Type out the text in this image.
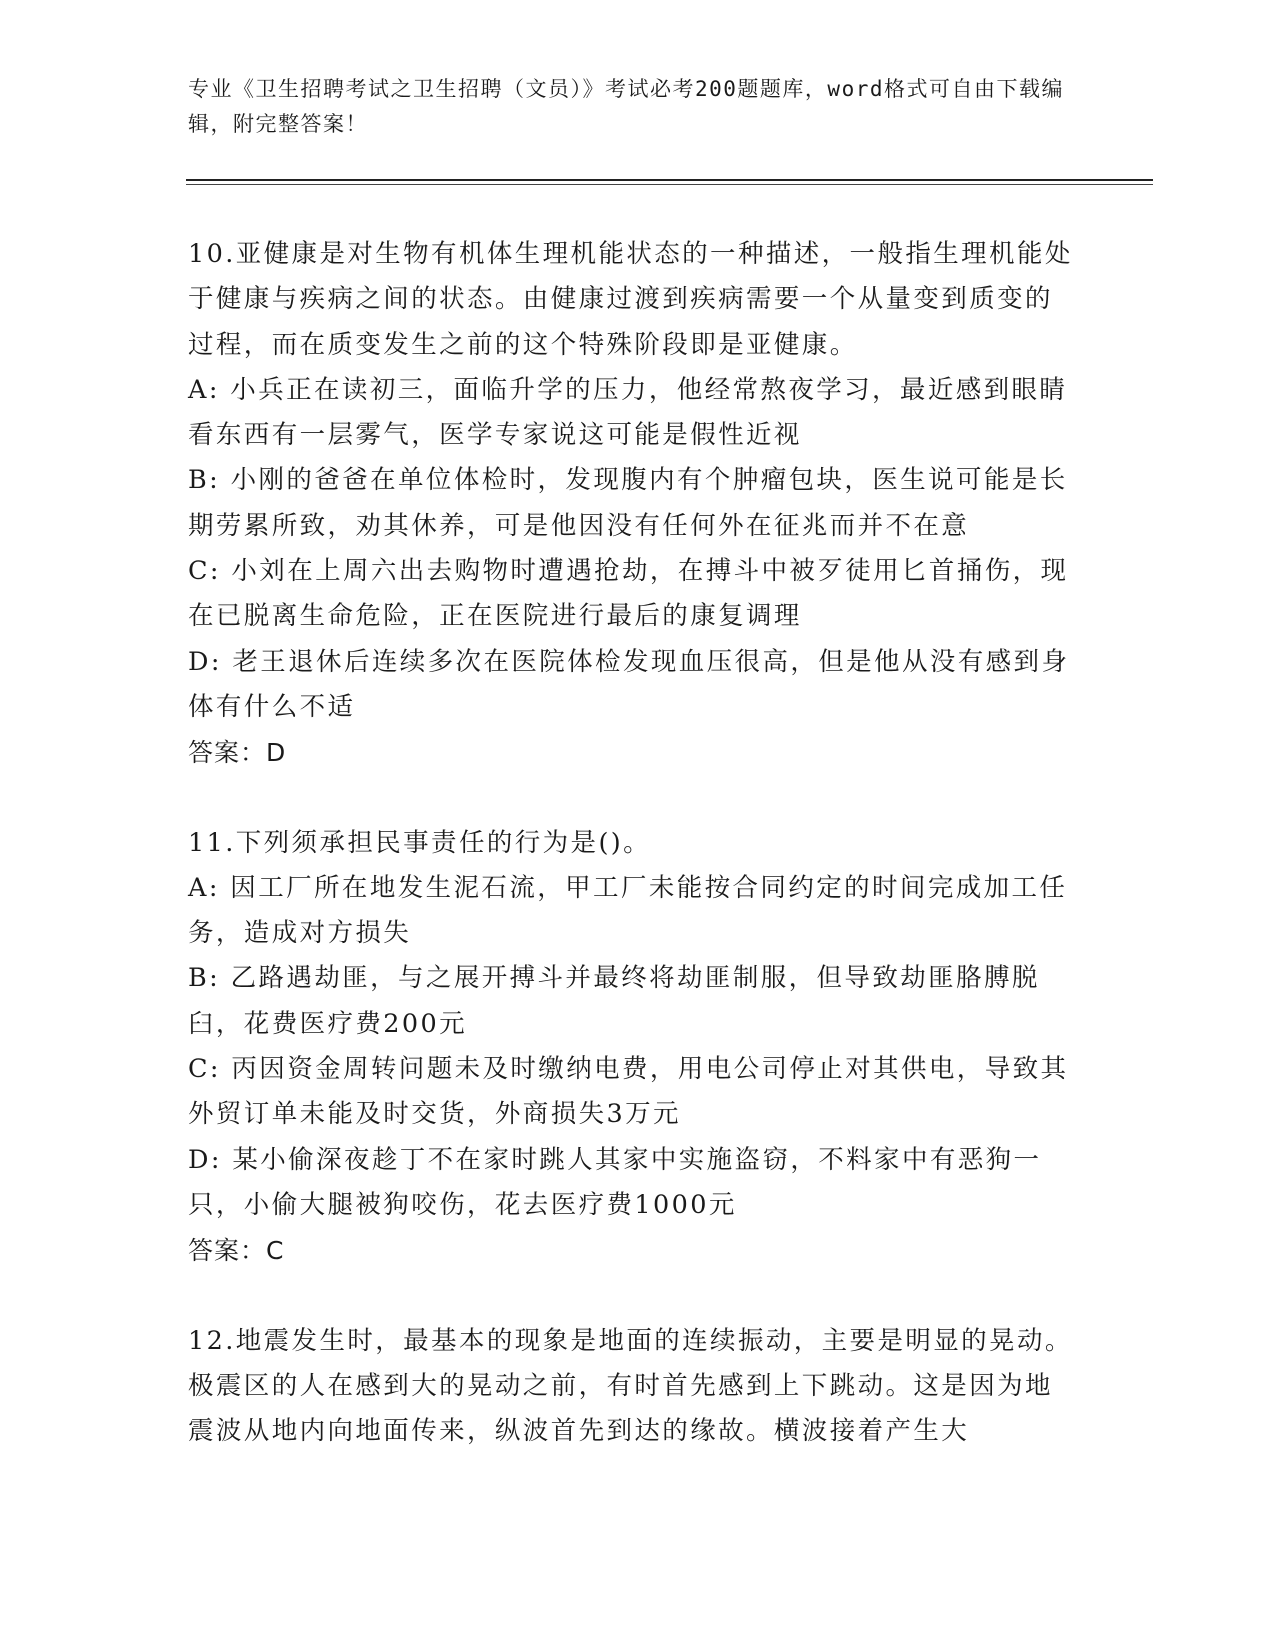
专业《卫生招聘考试之卫生招聘（文员）》考试必考200题题库，word格式可自由下载编辑，附完整答案！

10.亚健康是对生物有机体生理机能状态的一种描述，一般指生理机能处于健康与疾病之间的状态。由健康过渡到疾病需要一个从量变到质变的过程，而在质变发生之前的这个特殊阶段即是亚健康。

A: 小兵正在读初三，面临升学的压力，他经常熬夜学习，最近感到眼睛看东西有一层雾气，医学专家说这可能是假性近视

B: 小刚的爸爸在单位体检时，发现腹内有个肿瘤包块，医生说可能是长期劳累所致，劝其休养，可是他因没有任何外在征兆而并不在意

C: 小刘在上周六出去购物时遭遇抢劫，在搏斗中被歹徒用匕首捅伤，现在已脱离生命危险，正在医院进行最后的康复调理

D: 老王退休后连续多次在医院体检发现血压很高，但是他从没有感到身体有什么不适

答案：D

11.下列须承担民事责任的行为是()。

A: 因工厂所在地发生泥石流，甲工厂未能按合同约定的时间完成加工任务，造成对方损失

B: 乙路遇劫匪，与之展开搏斗并最终将劫匪制服，但导致劫匪胳膊脱臼，花费医疗费200元

C: 丙因资金周转问题未及时缴纳电费，用电公司停止对其供电，导致其外贸订单未能及时交货，外商损失3万元

D: 某小偷深夜趁丁不在家时跳人其家中实施盗窃，不料家中有恶狗一只，小偷大腿被狗咬伤，花去医疗费1000元

答案：C

12.地震发生时，最基本的现象是地面的连续振动，主要是明显的晃动。极震区的人在感到大的晃动之前，有时首先感到上下跳动。这是因为地震波从地内向地面传来，纵波首先到达的缘故。横波接着产生大
